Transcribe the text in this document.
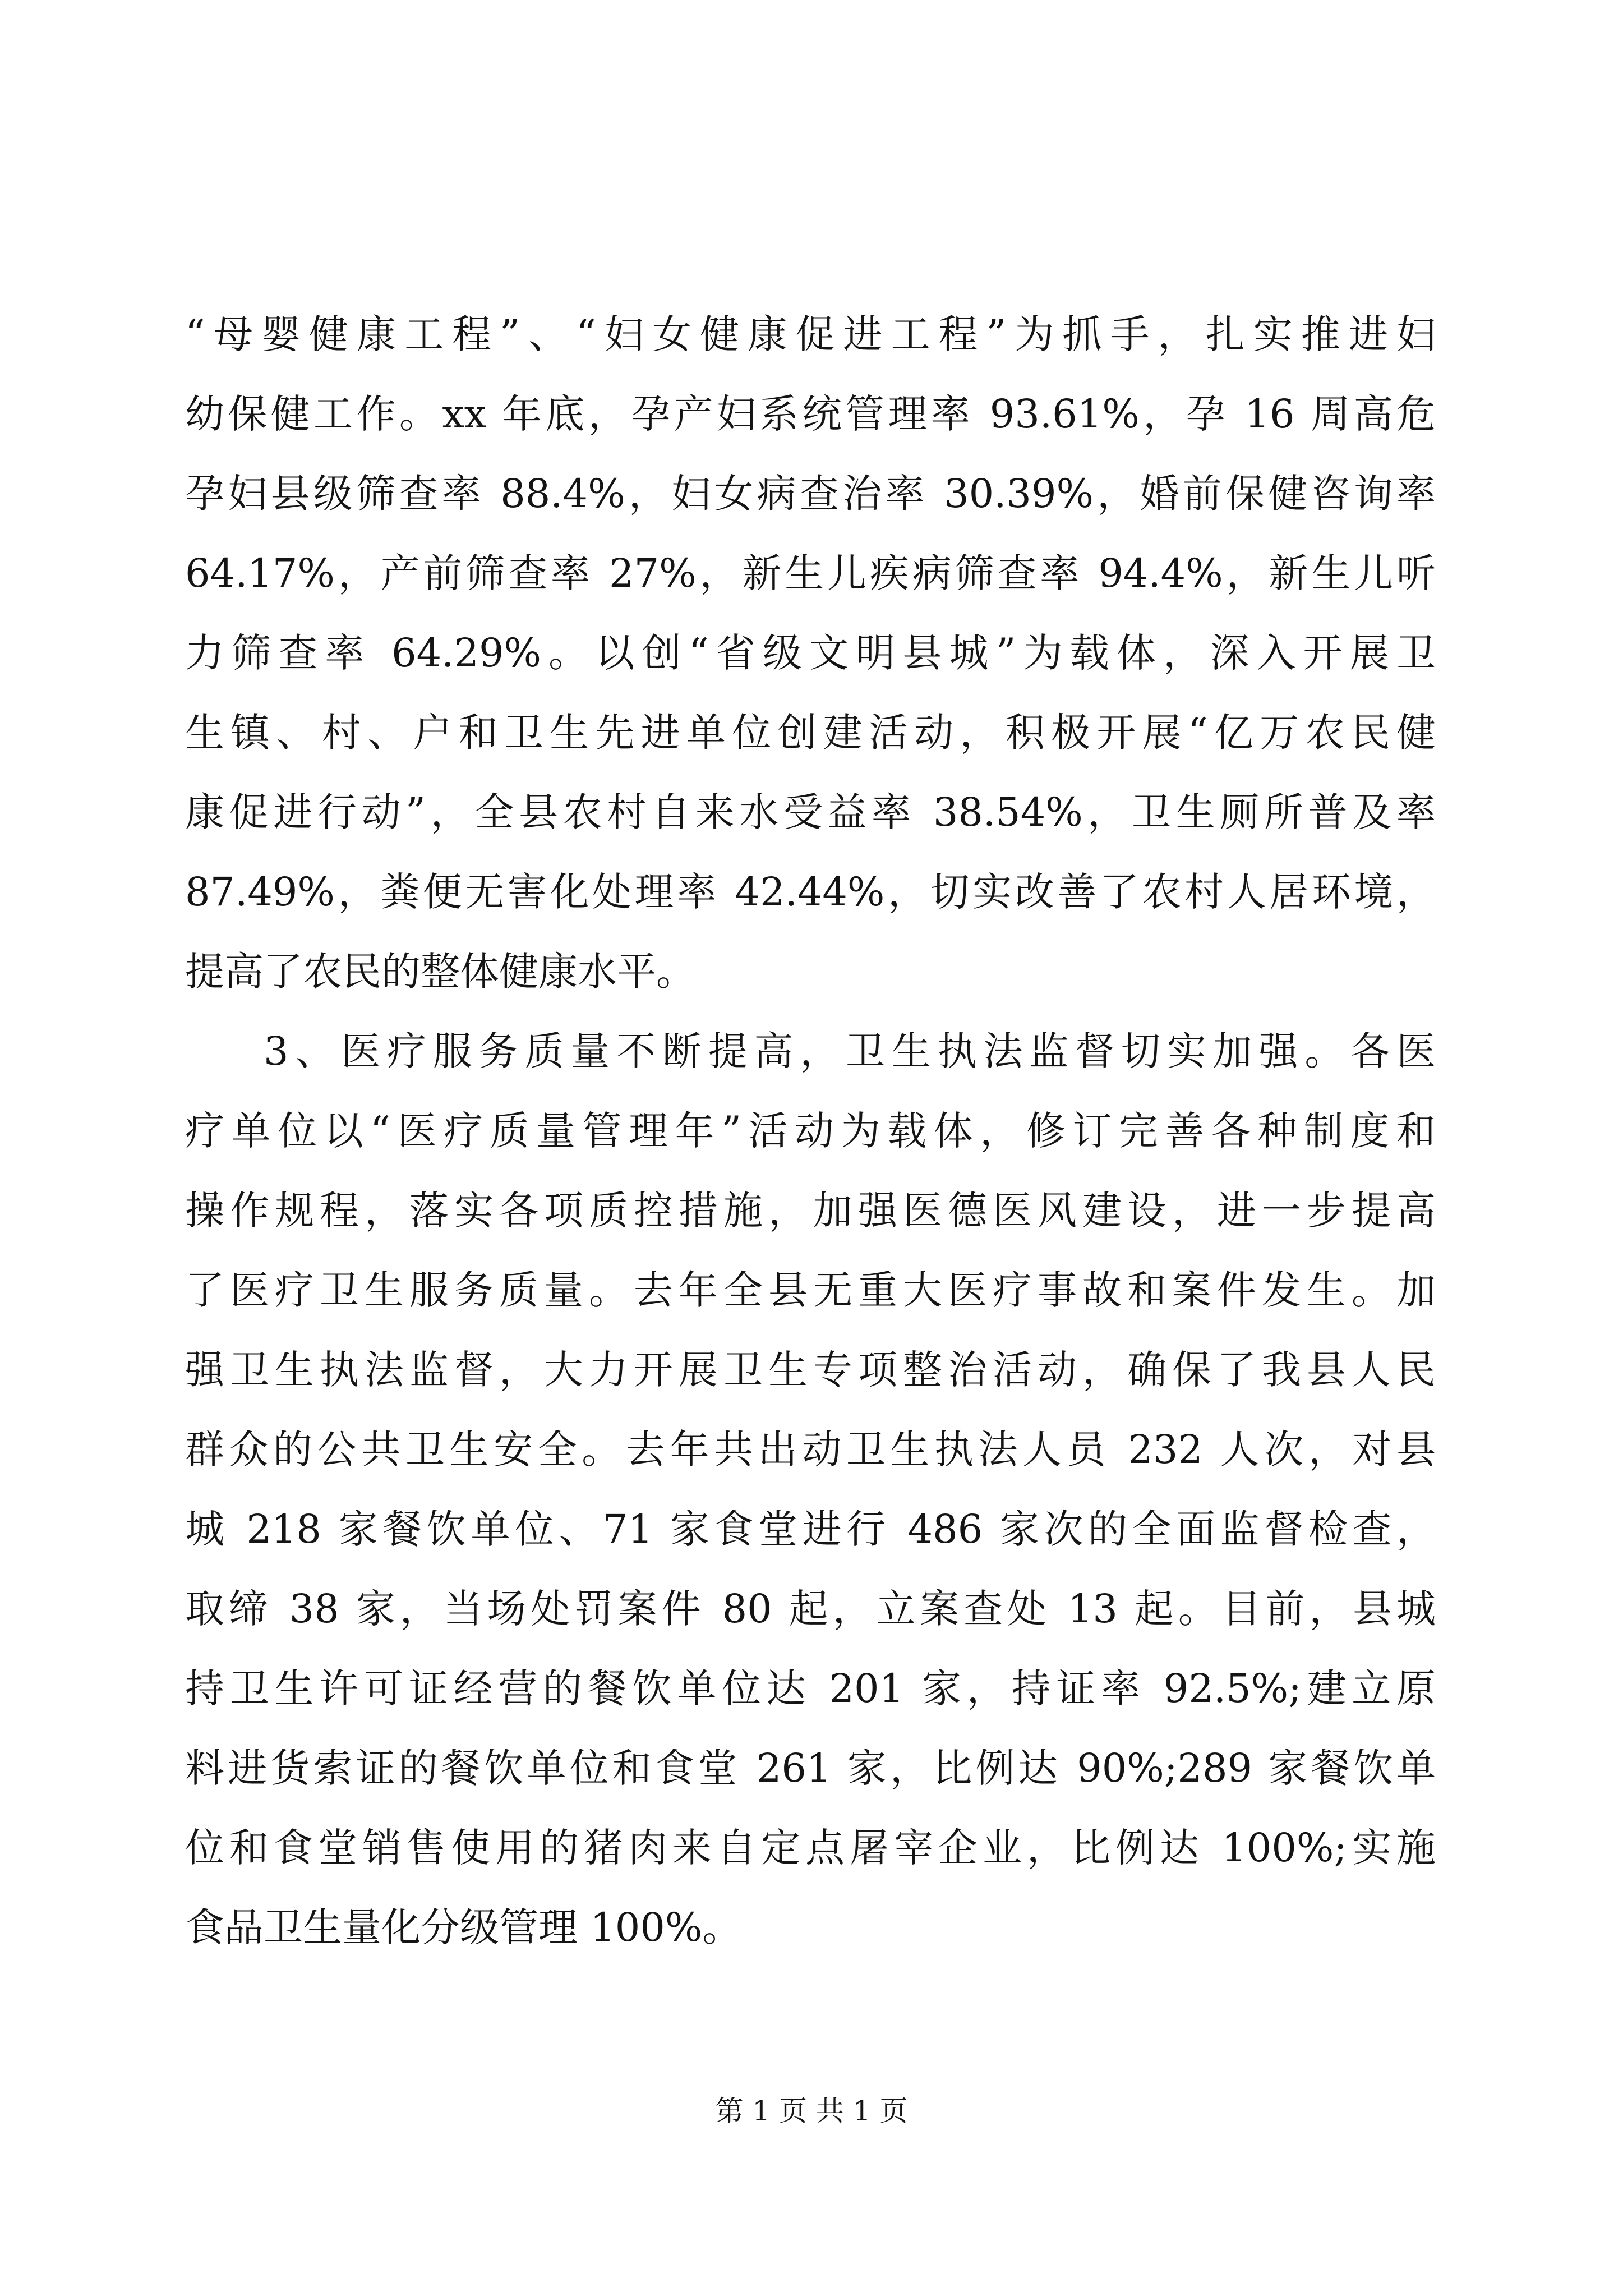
“母婴健康工程”、“妇女健康促进工程”为抓手，扎实推进妇

幼保健工作。xx 年底，孕产妇系统管理率 93.61%，孕 16 周高危

孕妇县级筛查率 88.4%，妇女病查治率 30.39%，婚前保健咨询率

64.17%，产前筛查率 27%，新生儿疾病筛查率 94.4%，新生儿听

力筛查率 64.29%。以创“省级文明县城”为载体，深入开展卫

生镇、村、户和卫生先进单位创建活动，积极开展“亿万农民健

康促进行动”，全县农村自来水受益率 38.54%，卫生厕所普及率

87.49%，粪便无害化处理率 42.44%，切实改善了农村人居环境，

提高了农民的整体健康水平。

3、医疗服务质量不断提高，卫生执法监督切实加强。各医

疗单位以“医疗质量管理年”活动为载体，修订完善各种制度和

操作规程，落实各项质控措施，加强医德医风建设，进一步提高

了医疗卫生服务质量。去年全县无重大医疗事故和案件发生。加

强卫生执法监督，大力开展卫生专项整治活动，确保了我县人民

群众的公共卫生安全。去年共出动卫生执法人员 232 人次，对县

城 218 家餐饮单位、71 家食堂进行 486 家次的全面监督检查，

取缔 38 家，当场处罚案件 80 起，立案查处 13 起。目前，县城

持卫生许可证经营的餐饮单位达 201 家，持证率 92.5%;建立原

料进货索证的餐饮单位和食堂 261 家，比例达 90%;289 家餐饮单

位和食堂销售使用的猪肉来自定点屠宰企业，比例达 100%;实施

食品卫生量化分级管理 100%。

第 1 页 共 1 页
